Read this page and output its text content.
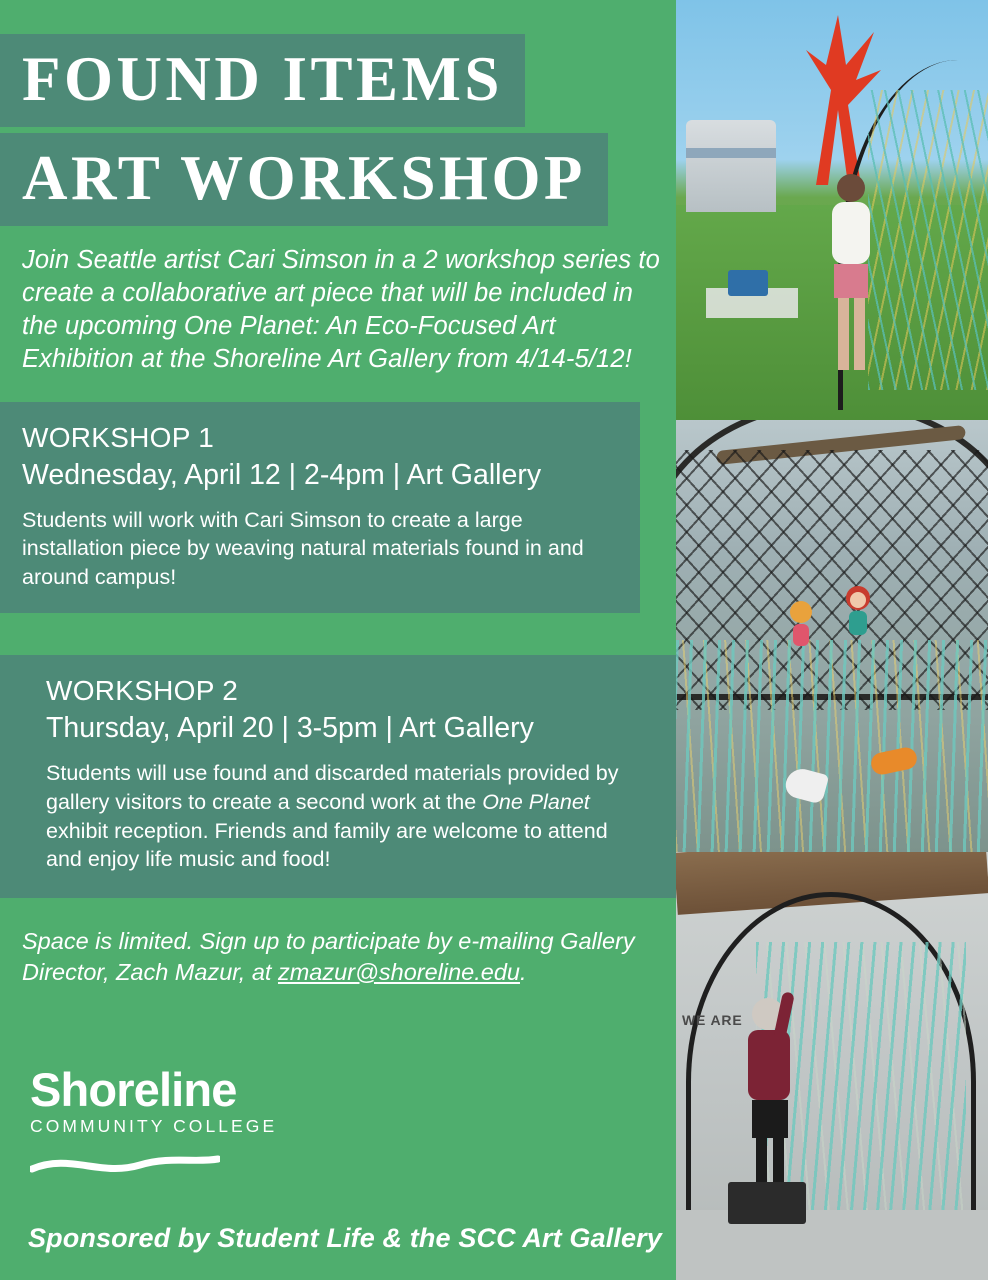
FOUND ITEMS ART WORKSHOP

Join Seattle artist Cari Simson in a 2 workshop series to create a collaborative art piece that will be included in the upcoming One Planet: An Eco-Focused Art Exhibition at the Shoreline Art Gallery from 4/14-5/12!

WORKSHOP 1
Wednesday, April 12 | 2-4pm | Art Gallery
Students will work with Cari Simson to create a large installation piece by weaving natural materials found in and around campus!
WORKSHOP 2
Thursday, April 20 | 3-5pm | Art Gallery
Students will use found and discarded materials provided by gallery visitors to create a second work at the One Planet exhibit reception. Friends and family are welcome to attend and enjoy life music and food!

Space is limited. Sign up to participate by e-mailing Gallery Director, Zach Mazur, at zmazur@shoreline.edu.

Shoreline
COMMUNITY COLLEGE
Sponsored by Student Life & the SCC Art Gallery
WE ARE
